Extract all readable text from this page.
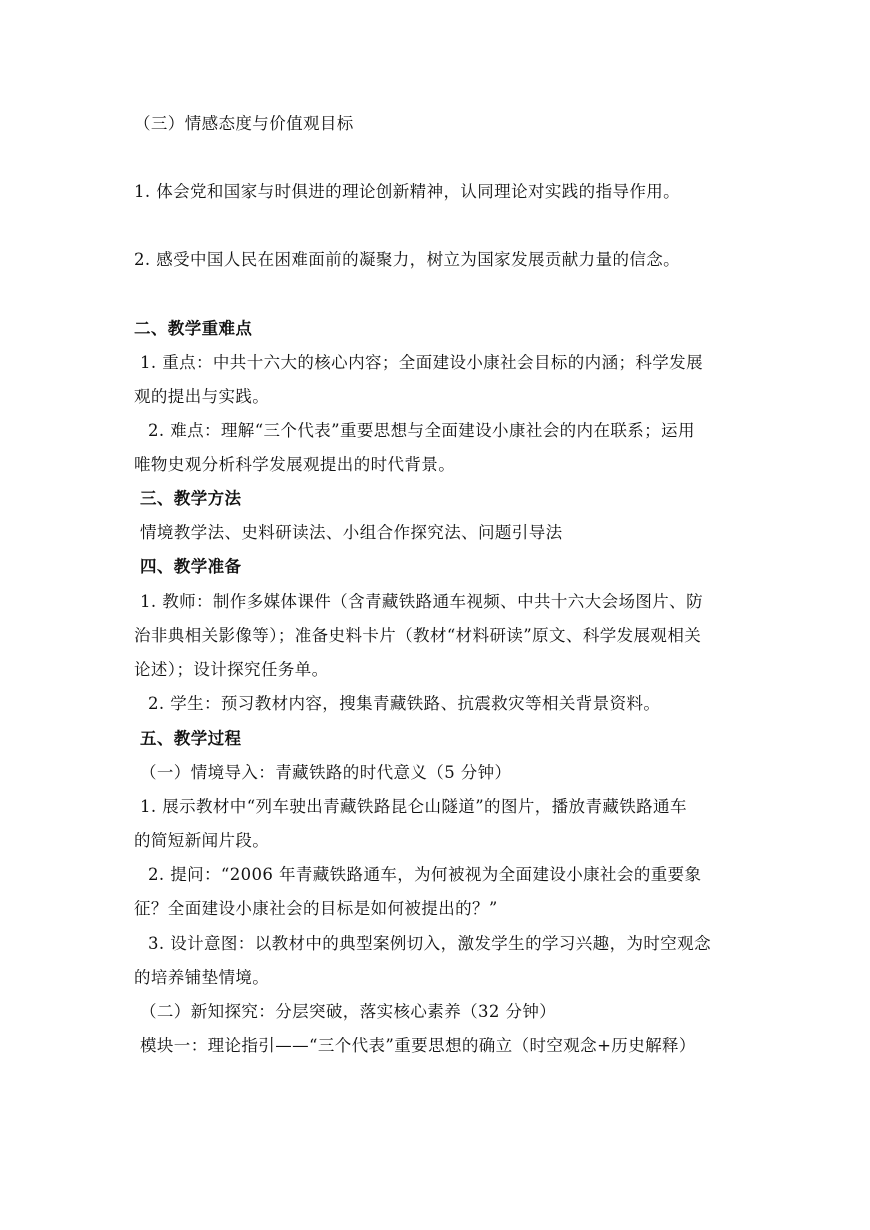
（三）情感态度与价值观目标
1. 体会党和国家与时俱进的理论创新精神，认同理论对实践的指导作用。
2. 感受中国人民在困难面前的凝聚力，树立为国家发展贡献力量的信念。
二、教学重难点
1. 重点：中共十六大的核心内容；全面建设小康社会目标的内涵；科学发展
观的提出与实践。
2. 难点：理解“三个代表”重要思想与全面建设小康社会的内在联系；运用
唯物史观分析科学发展观提出的时代背景。
三、教学方法
情境教学法、史料研读法、小组合作探究法、问题引导法
四、教学准备
1. 教师：制作多媒体课件（含青藏铁路通车视频、中共十六大会场图片、防
治非典相关影像等）；准备史料卡片（教材“材料研读”原文、科学发展观相关
论述）；设计探究任务单。
2. 学生：预习教材内容，搜集青藏铁路、抗震救灾等相关背景资料。
五、教学过程
（一）情境导入：青藏铁路的时代意义（5 分钟）
1. 展示教材中“列车驶出青藏铁路昆仑山隧道”的图片，播放青藏铁路通车
的简短新闻片段。
2. 提问：“2006 年青藏铁路通车，为何被视为全面建设小康社会的重要象
征？全面建设小康社会的目标是如何被提出的？”
3. 设计意图：以教材中的典型案例切入，激发学生的学习兴趣，为时空观念
的培养铺垫情境。
（二）新知探究：分层突破，落实核心素养（32 分钟）
模块一：理论指引——“三个代表”重要思想的确立（时空观念+历史解释）
